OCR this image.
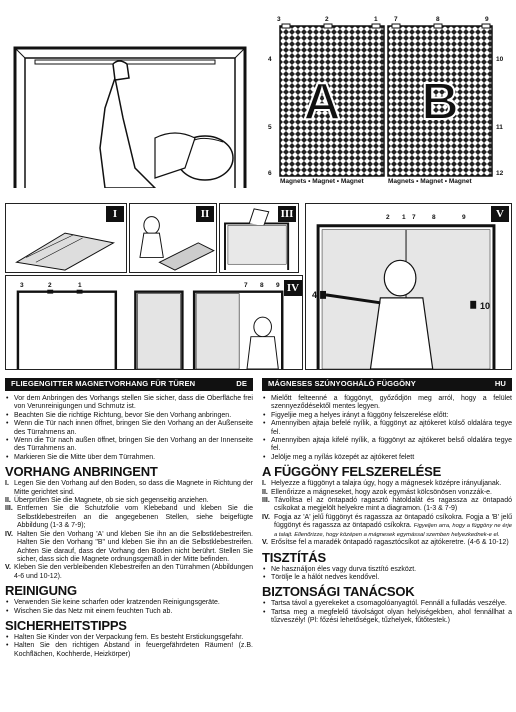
A B
3	2	1	7	8	9
4
5
6
10
11
12
Magnets • Magnet • Magnet	Magnets • Magnet • Magnet
I	II	III
3	2	1	7 8 9 IV
2 1 7	8	9
4
10
V
FLIEGENGITTER MAGNETVORHANG FÜR TÜREN	DE
• Vor dem Anbringen des Vorhangs stellen Sie sicher, dass die Oberfläche frei von Verunreinigungen und Schmutz ist.
• Beachten Sie die richtige Richtung, bevor Sie den Vorhang anbringen.
• Wenn die Tür nach innen öffnet, bringen Sie den Vorhang an der Außenseite des Türrahmens an.
• Wenn die Tür nach außen öffnet, bringen Sie den Vorhang an der Innenseite des Türrahmens an.
• Markieren Sie die Mitte über dem Türrahmen.
VORHANG ANBRINGENT
I. Legen Sie den Vorhang auf den Boden, so dass die Magnete in Richtung der Mitte gerichtet sind.
II. Überprüfen Sie die Magnete, ob sie sich gegenseitig anziehen.
III. Entfernen Sie die Schutzfolie vom Klebeband und kleben Sie die Selbstklebestreifen an die angegebenen Stellen, siehe beigefügte Abbildung (1-3 & 7-9);
IV. Halten Sie den Vorhang 'A' und kleben Sie ihn an die Selbstklebestreifen. Halten Sie den Vorhang "B" und kleben Sie ihn an die Selbstklebestreifen. Achten Sie darauf, dass der Vorhang den Boden nicht berührt. Stellen Sie sicher, dass sich die Magnete ordnungsgemäß in der Mitte befinden.
V. Kleben Sie den verbleibenden Klebestreifen an den Türrahmen (Abbildungen 4-6 und 10-12).
REINIGUNG
• Verwenden Sie keine scharfen oder kratzenden Reinigungsgeräte.
• Wischen Sie das Netz mit einem feuchten Tuch ab.
SICHERHEITSTIPPS
• Halten Sie Kinder von der Verpackung fern. Es besteht Erstickungsgefahr.
• Halten Sie den richtigen Abstand in feuergefährdeten Räumen! (z.B. Kochflächen, Kochherde, Heizkörper)
MÁGNESES SZÚNYOGHÁLÓ FÜGGÖNY	HU
• Mielőtt felteenné a függönyt, győződjön meg arról, hogy a felület szennyeződésektől mentes legyen.
• Figyeljie meg a helyes irányt a függöny felszerelése előtt:
• Amennyiben ajtaja befelé nyílik, a függönyt az ajtókeret külső oldalára tegye fel.
• Amennyiben ajtaja kifelé nyílik, a függönyt az ajtókeret belső oldalára tegye fel.
• Jelölje meg a nyílás közepét az ajtókeret felett
A FÜGGÖNY FELSZERELÉSE
I. Helyezze a függönyt a talajra úgy, hogy a mágnesek középre irányuljanak.
II. Ellenőrizze a mágneseket, hogy azok egymást kölcsönösen vonzzák-e.
III. Távolítsa el az öntapadó ragasztó hátoldalát és ragassza az öntapadó csíkokat a megjelölt helyekre mint a diagramon. (1-3 & 7-9)
IV. Fogja az 'A' jelű függönyt és ragassza az öntapadó csíkokra. Fogja a 'B' jelű függönyt és ragassza az öntapadó csíkokra. Figyeljen arra, hogy a függöny ne érje a talajt. Ellenőrizze, hogy középen a mágnesek egymással szemben helyezkednek-e el.
V. Erősítse fel a maradék öntapadó ragasztócsíkot az ajtókeretre. (4-6 & 10-12)
TISZTÍTÁS
• Ne használjon éles vagy durva tisztító eszközt.
• Törölje le a hálót nedves kendővel.
BIZTONSÁGI TANÁCSOK
• Tartsa távol a gyerekeket a csomagolóanyagtól. Fennáll a fulladás veszélye.
• Tartsa meg a megfelelő távolságot olyan helyiségekben, ahol fennállhat a tűzveszély! (Pl: főzési lehetőségek, tűzhelyek, fűtőtestek.)
